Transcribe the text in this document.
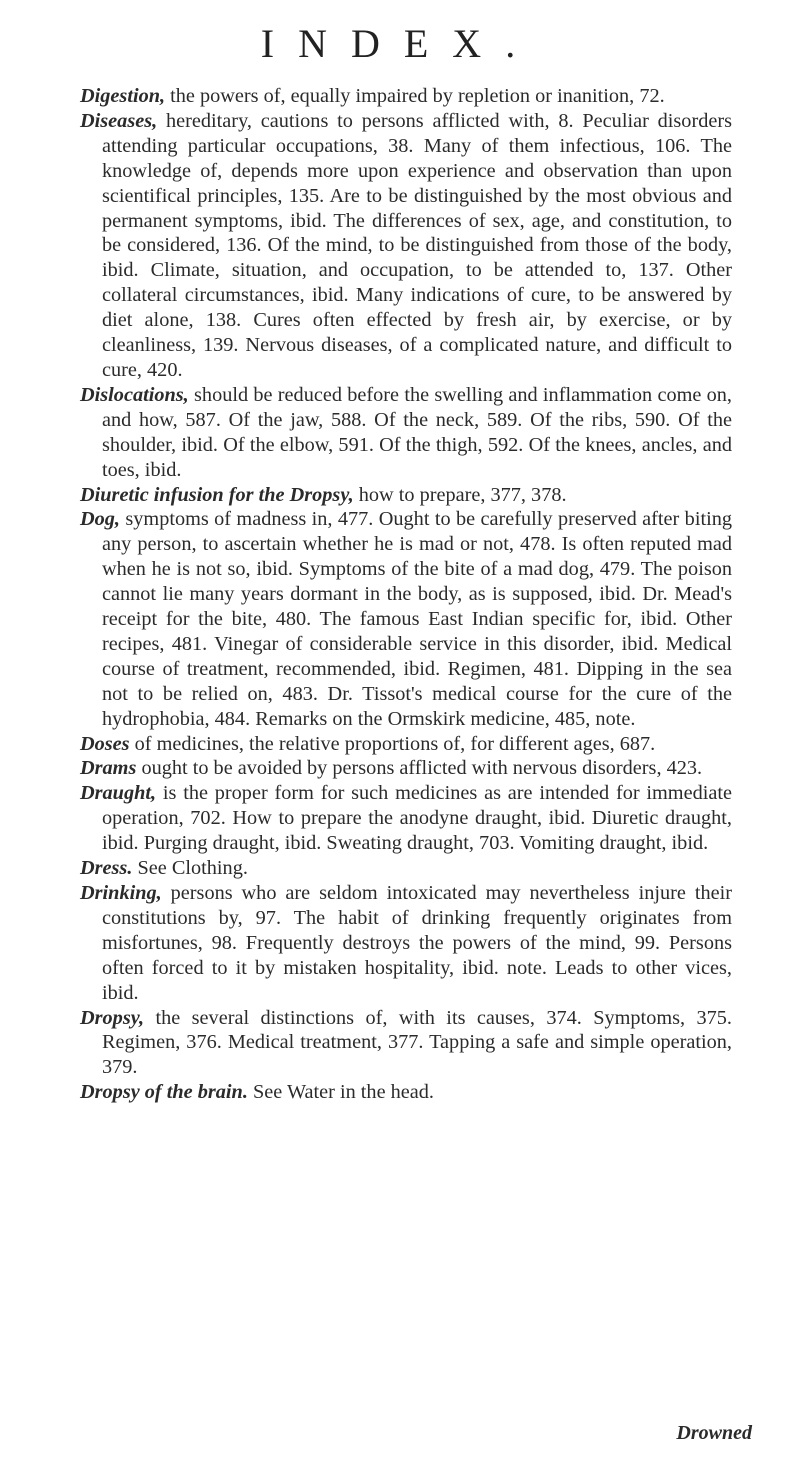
INDEX.

Digestion, the powers of, equally impaired by repletion or inanition, 72.

Diseases, hereditary, cautions to persons afflicted with, 8. Peculiar disorders attending particular occupations, 38. Many of them infectious, 106. The knowledge of, depends more upon experience and observation than upon scientifical principles, 135. Are to be distinguished by the most obvious and permanent symptoms, ibid. The differences of sex, age, and constitution, to be considered, 136. Of the mind, to be distinguished from those of the body, ibid. Climate, situation, and occupation, to be attended to, 137. Other collateral circumstances, ibid. Many indications of cure, to be answered by diet alone, 138. Cures often effected by fresh air, by exercise, or by cleanliness, 139. Nervous diseases, of a complicated nature, and difficult to cure, 420.

Dislocations, should be reduced before the swelling and inflammation come on, and how, 587. Of the jaw, 588. Of the neck, 589. Of the ribs, 590. Of the shoulder, ibid. Of the elbow, 591. Of the thigh, 592. Of the knees, ancles, and toes, ibid.

Diuretic infusion for the Dropsy, how to prepare, 377, 378.

Dog, symptoms of madness in, 477. Ought to be carefully preserved after biting any person, to ascertain whether he is mad or not, 478. Is often reputed mad when he is not so, ibid. Symptoms of the bite of a mad dog, 479. The poison cannot lie many years dormant in the body, as is supposed, ibid. Dr. Mead's receipt for the bite, 480. The famous East Indian specific for, ibid. Other recipes, 481. Vinegar of considerable service in this disorder, ibid. Medical course of treatment, recommended, ibid. Regimen, 481. Dipping in the sea not to be relied on, 483. Dr. Tissot's medical course for the cure of the hydrophobia, 484. Remarks on the Ormskirk medicine, 485, note.

Doses of medicines, the relative proportions of, for different ages, 687.

Drams ought to be avoided by persons afflicted with nervous disorders, 423.

Draught, is the proper form for such medicines as are intended for immediate operation, 702. How to prepare the anodyne draught, ibid. Diuretic draught, ibid. Purging draught, ibid. Sweating draught, 703. Vomiting draught, ibid.

Dress. See Clothing.

Drinking, persons who are seldom intoxicated may nevertheless injure their constitutions by, 97. The habit of drinking frequently originates from misfortunes, 98. Frequently destroys the powers of the mind, 99. Persons often forced to it by mistaken hospitality, ibid. note. Leads to other vices, ibid.

Dropsy, the several distinctions of, with its causes, 374. Symptoms, 375. Regimen, 376. Medical treatment, 377. Tapping a safe and simple operation, 379.

Dropsy of the brain. See Water in the head.

Drowned
